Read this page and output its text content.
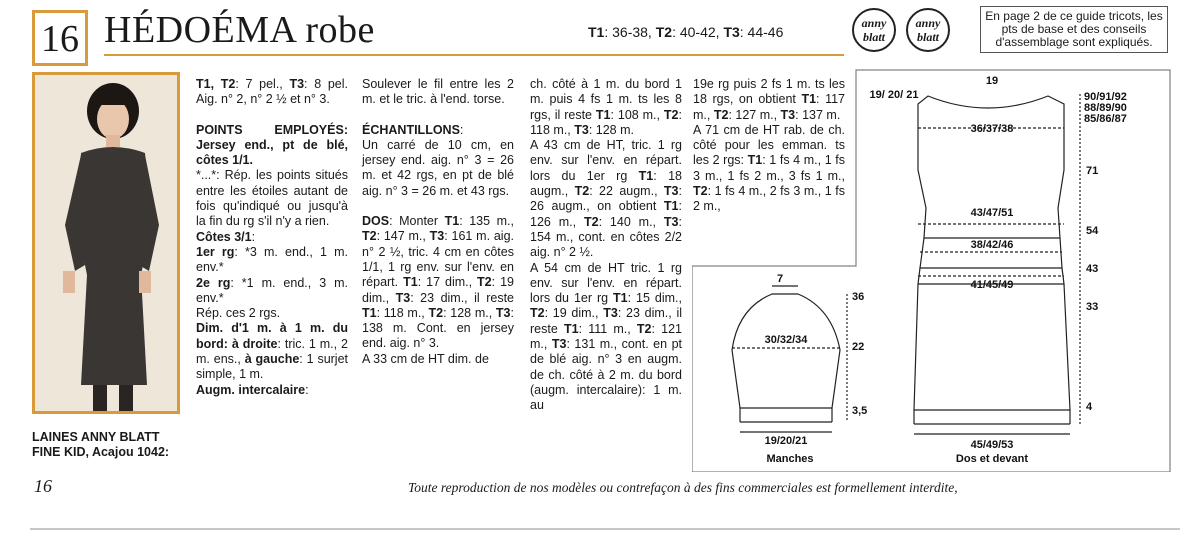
16 HÉDOÉMA robe	T1: 36-38, T2: 40-42, T3: 44-46
anny
blatt
anny
blatt
En page 2 de ce guide tricots, les pts de base et des conseils d'assemblage sont expliqués.
LAINES ANNY BLATT
FINE KID, Acajou 1042:

T1, T2: 7 pel., T3: 8 pel. Aig. n° 2, n° 2 ½ et n° 3.

POINTS EMPLOYÉS: Jersey end., pt de blé, côtes 1/1.

*...*: Rép. les points situés entre les étoiles autant de fois qu'indiqué ou jusqu'à la fin du rg s'il n'y a rien.

Côtes 3/1:

1er rg: *3 m. end., 1 m. env.*

2e rg: *1 m. end., 3 m. env.*

Rép. ces 2 rgs.

Dim. d'1 m. à 1 m. du bord: à droite: tric. 1 m., 2 m. ens., à gauche: 1 surjet simple, 1 m.

Augm. intercalaire:

Soulever le fil entre les 2 m. et le tric. à l'end. torse.

ÉCHANTILLONS:

Un carré de 10 cm, en jersey end. aig. n° 3 = 26 m. et 42 rgs, en pt de blé aig. n° 3 = 26 m. et 43 rgs.

DOS: Monter T1: 135 m., T2: 147 m., T3: 161 m. aig. n° 2 ½, tric. 4 cm en côtes 1/1, 1 rg env. sur l'env. en répart. T1: 17 dim., T2: 19 dim., T3: 23 dim., il reste T1: 118 m., T2: 128 m., T3: 138 m. Cont. en jersey end. aig. n° 3.

A 33 cm de HT dim. de

ch. côté à 1 m. du bord 1 m. puis 4 fs 1 m. ts les 8 rgs, il reste T1: 108 m., T2: 118 m., T3: 128 m.

A 43 cm de HT, tric. 1 rg env. sur l'env. en répart. lors du 1er rg T1: 18 augm., T2: 22 augm., T3: 26 augm., on obtient T1: 126 m., T2: 140 m., T3: 154 m., cont. en côtes 2/2 aig. n° 2 ½.

A 54 cm de HT tric. 1 rg env. sur l'env. en répart. lors du 1er rg T1: 15 dim., T2: 19 dim., T3: 23 dim., il reste T1: 111 m., T2: 121 m., T3: 131 m., cont. en pt de blé aig. n° 3 en augm. de ch. côté à 2 m. du bord (augm. intercalaire): 1 m. au

19e rg puis 2 fs 1 m. ts les 18 rgs, on obtient T1: 117 m., T2: 127 m., T3: 137 m.

A 71 cm de HT rab. de ch. côté pour les emman. ts les 2 rgs: T1: 1 fs 4 m., 1 fs 3 m., 1 fs 2 m., 3 fs 1 m., T2: 1 fs 4 m., 2 fs 3 m., 1 fs 2 m.,

7
30/32/34
19/20/21
36
22
3,5
Manches
19
19/ 20/ 21
36/37/38
43/47/51
38/42/46
41/45/49
45/49/53
90/91/92
88/89/90
85/86/87
71
54
43
33
4
Dos et devant
16	Toute reproduction de nos modèles ou contrefaçon à des fins commerciales est formellement interdite,
